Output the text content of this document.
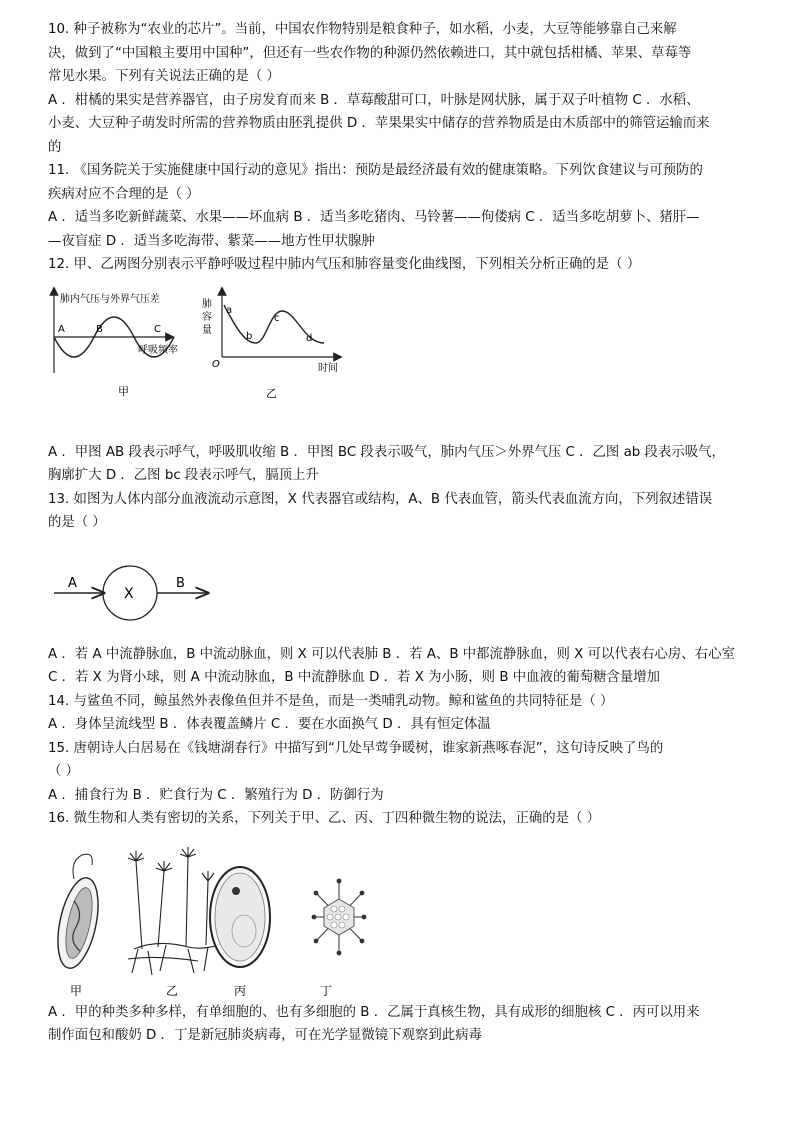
10. 种子被称为“农业的芯片”。当前，中国农作物特别是粮食种子，如水稻，小麦，大豆等能够靠自己来解
决，做到了“中国粮主要用中国种”，但还有一些农作物的种源仍然依赖进口，其中就包括柑橘、苹果、草莓等
常见水果。下列有关说法正确的是（ ）
A ．柑橘的果实是营养器官，由子房发育而来 B ．草莓酸甜可口，叶脉是网状脉，属于双子叶植物 C ．水稻、
小麦、大豆种子萌发时所需的营养物质由胚乳提供 D ．苹果果实中储存的营养物质是由木质部中的筛管运输而来
的
11. 《国务院关于实施健康中国行动的意见》指出：预防是最经济最有效的健康策略。下列饮食建议与可预防的
疾病对应不合理的是（ ）
A ．适当多吃新鲜蔬菜、水果——坏血病 B ．适当多吃猪肉、马铃薯——佝偻病 C ．适当多吃胡萝卜、猪肝—
—夜盲症 D ．适当多吃海带、紫菜——地方性甲状腺肿
12. 甲、乙两图分别表示平静呼吸过程中肺内气压和肺容量变化曲线图，下列相关分析正确的是（ ）
肺内气压与外界气压差
A	B	C
呼吸频率
甲
肺
容
量
a
b
c
d
O	时间
乙
A ．甲图 AB 段表示呼气，呼吸肌收缩 B ．甲图 BC 段表示吸气，肺内气压＞外界气压 C ．乙图 ab 段表示吸气，
胸廓扩大 D ．乙图 bc 段表示呼气，膈顶上升
13. 如图为人体内部分血液流动示意图，X 代表器官或结构，A、B 代表血管，箭头代表血流方向，下列叙述错误
的是（ ）
A
X
B
A ．若 A 中流静脉血，B 中流动脉血，则 X 可以代表肺 B ．若 A、B 中都流静脉血，则 X 可以代表右心房、右心室
C ．若 X 为肾小球，则 A 中流动脉血，B 中流静脉血 D ．若 X 为小肠，则 B 中血液的葡萄糖含量增加
14. 与鲨鱼不同，鲸虽然外表像鱼但并不是鱼，而是一类哺乳动物。鲸和鲨鱼的共同特征是（ ）
A ．身体呈流线型 B ．体表覆盖鳞片 C ．要在水面换气 D ．具有恒定体温
15. 唐朝诗人白居易在《钱塘湖春行》中描写到“几处早莺争暖树，谁家新燕啄春泥”，这句诗反映了鸟的
（ ）
A ．捕食行为 B ．贮食行为 C ．繁殖行为 D ．防御行为
16. 微生物和人类有密切的关系，下列关于甲、乙、丙、丁四种微生物的说法，正确的是（ ）
甲	乙	丙	丁
A ．甲的种类多种多样，有单细胞的、也有多细胞的 B ．乙属于真核生物，具有成形的细胞核 C ．丙可以用来
制作面包和酸奶 D ．丁是新冠肺炎病毒，可在光学显微镜下观察到此病毒
